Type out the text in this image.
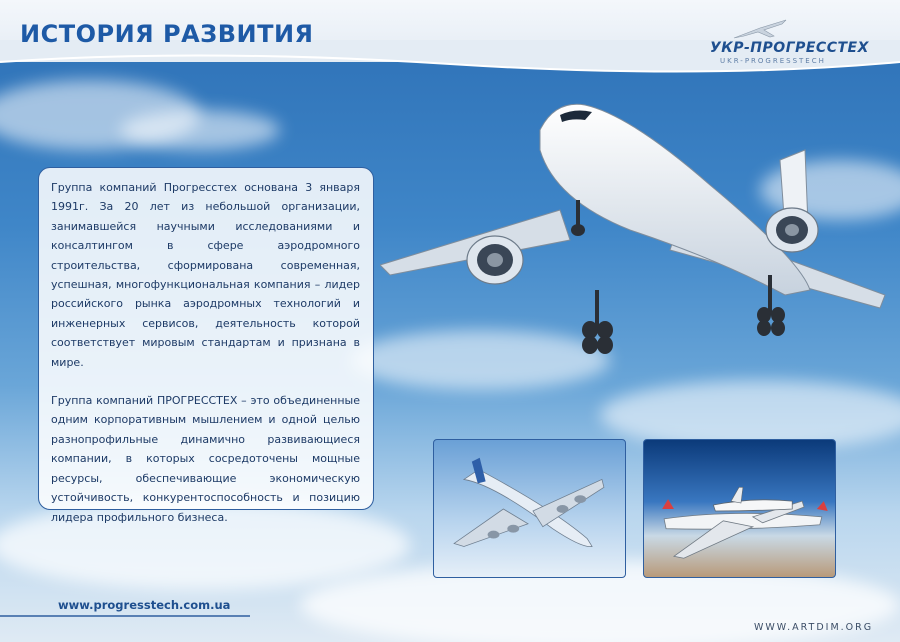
ИСТОРИЯ РАЗВИТИЯ	УКР-ПРОГРЕССТЕХ
UKR-PROGRESSTECH

Группа компаний Прогресстех основана 3 января 1991г. За 20 лет из небольшой организации, занимавшейся научными исследованиями и консалтингом в сфере аэродромного строительства, сформирована современная, успешная, многофункциональная компания – лидер российского рынка аэродромных технологий и инженерных сервисов, деятельность которой соответствует мировым стандартам и признана в мире.

Группа компаний ПРОГРЕССТЕХ – это объединенные одним корпоративным мышлением и одной целью разнопрофильные динамично развивающиеся компании, в которых сосредоточены мощные ресурсы, обеспечивающие экономическую устойчивость, конкурентоспособность и позицию лидера профильного бизнеса.

www.progresstech.com.ua
WWW.ARTDIM.ORG
